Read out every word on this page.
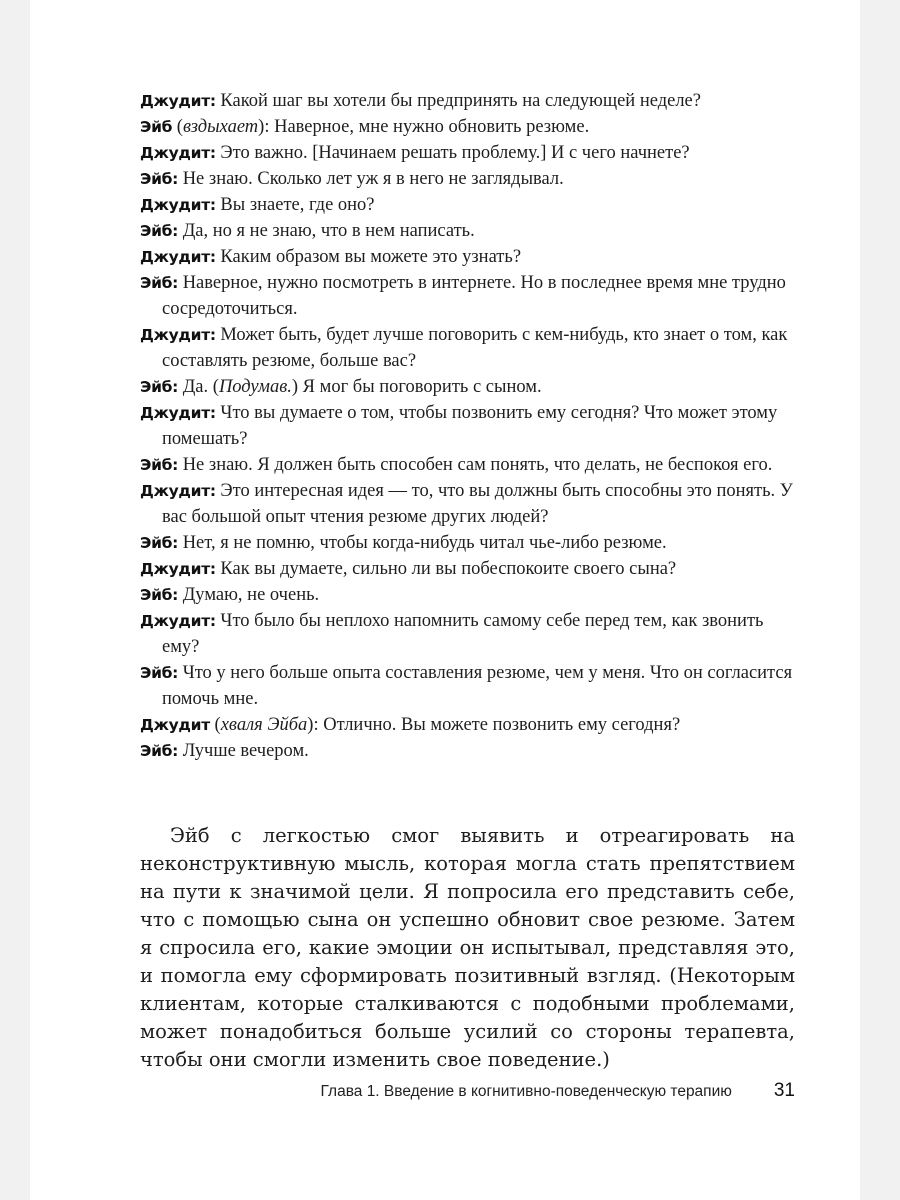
Джудит: Какой шаг вы хотели бы предпринять на следующей неделе?

Эйб (вздыхает): Наверное, мне нужно обновить резюме.

Джудит: Это важно. [Начинаем решать проблему.] И с чего начнете?

Эйб: Не знаю. Сколько лет уж я в него не заглядывал.

Джудит: Вы знаете, где оно?

Эйб: Да, но я не знаю, что в нем написать.

Джудит: Каким образом вы можете это узнать?

Эйб: Наверное, нужно посмотреть в интернете. Но в последнее время мне трудно сосредоточиться.

Джудит: Может быть, будет лучше поговорить с кем-нибудь, кто знает о том, как составлять резюме, больше вас?

Эйб: Да. (Подумав.) Я мог бы поговорить с сыном.

Джудит: Что вы думаете о том, чтобы позвонить ему сегодня? Что может этому помешать?

Эйб: Не знаю. Я должен быть способен сам понять, что делать, не беспокоя его.

Джудит: Это интересная идея — то, что вы должны быть способны это понять. У вас большой опыт чтения резюме других людей?

Эйб: Нет, я не помню, чтобы когда-нибудь читал чье-либо резюме.

Джудит: Как вы думаете, сильно ли вы побеспокоите своего сына?

Эйб: Думаю, не очень.

Джудит: Что было бы неплохо напомнить самому себе перед тем, как звонить ему?

Эйб: Что у него больше опыта составления резюме, чем у меня. Что он согласится помочь мне.

Джудит (хваля Эйба): Отлично. Вы можете позвонить ему сегодня?

Эйб: Лучше вечером.

Эйб с легкостью смог выявить и отреагировать на неконструктивную мысль, которая могла стать препятствием на пути к значимой цели. Я попросила его представить себе, что с помощью сына он успешно обновит свое резюме. Затем я спросила его, какие эмоции он испытывал, представляя это, и помогла ему сформировать позитивный взгляд. (Некоторым клиентам, которые сталкиваются с подобными проблемами, может понадобиться больше усилий со стороны терапевта, чтобы они смогли изменить свое поведение.)

Глава 1. Введение в когнитивно-поведенческую терапию 31
